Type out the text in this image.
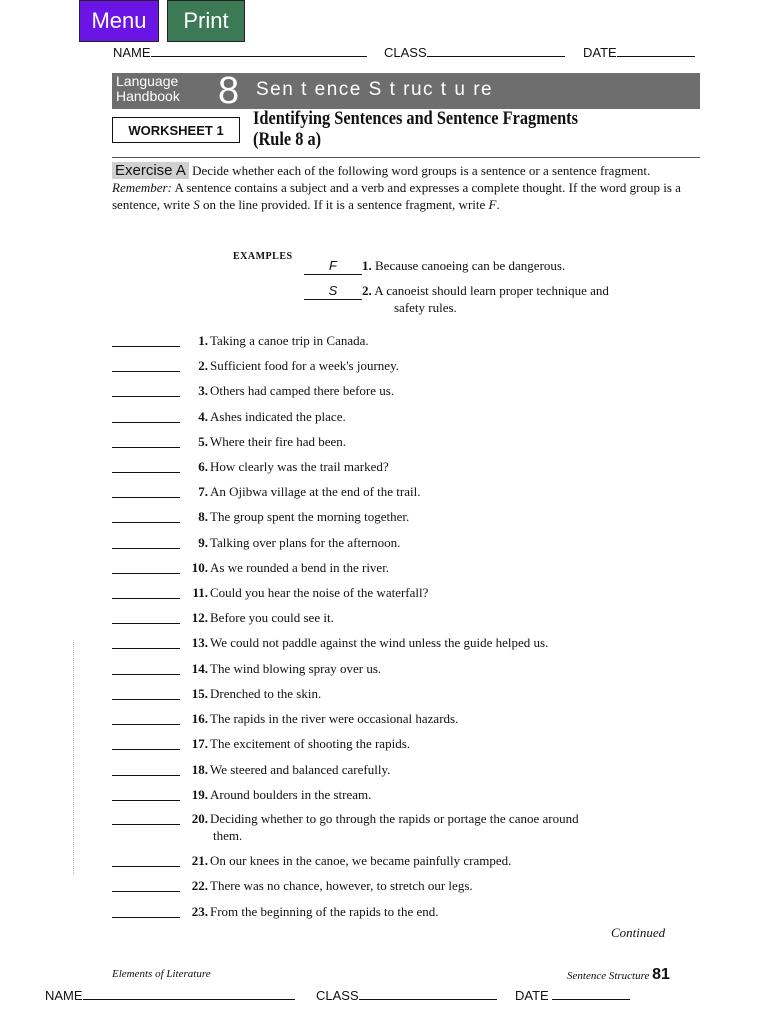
Menu	Print
NAME	CLASS	DATE
Language
Handbook 8 Sen t ence S t ruc t u re
WORKSHEET 1
Identifying Sentences and Sentence Fragments
(Rule 8 a)
Exercise A Decide whether each of the following word groups is a sentence or a sentence fragment. Remember: A sentence contains a subject and a verb and expresses a complete thought. If the word group is a sentence, write S on the line provided. If it is a sentence fragment, write F.
EXAMPLES
F 1. Because canoeing can be dangerous.
S 2. A canoeist should learn proper technique and
safety rules.
1. Taking a canoe trip in Canada.
2. Sufficient food for a week's journey.
3. Others had camped there before us.
4. Ashes indicated the place.
5. Where their fire had been.
6. How clearly was the trail marked?
7. An Ojibwa village at the end of the trail.
8. The group spent the morning together.
9. Talking over plans for the afternoon.
10. As we rounded a bend in the river.
11. Could you hear the noise of the waterfall?
12. Before you could see it.
13. We could not paddle against the wind unless the guide helped us.
14. The wind blowing spray over us.
15. Drenched to the skin.
16. The rapids in the river were occasional hazards.
17. The excitement of shooting the rapids.
18. We steered and balanced carefully.
19. Around boulders in the stream.
20. Deciding whether to go through the rapids or portage the canoe around
them.
21. On our knees in the canoe, we became painfully cramped.
22. There was no chance, however, to stretch our legs.
23. From the beginning of the rapids to the end.
Continued
Elements of Literature	Sentence Structure 81
NAME	CLASS	DATE
